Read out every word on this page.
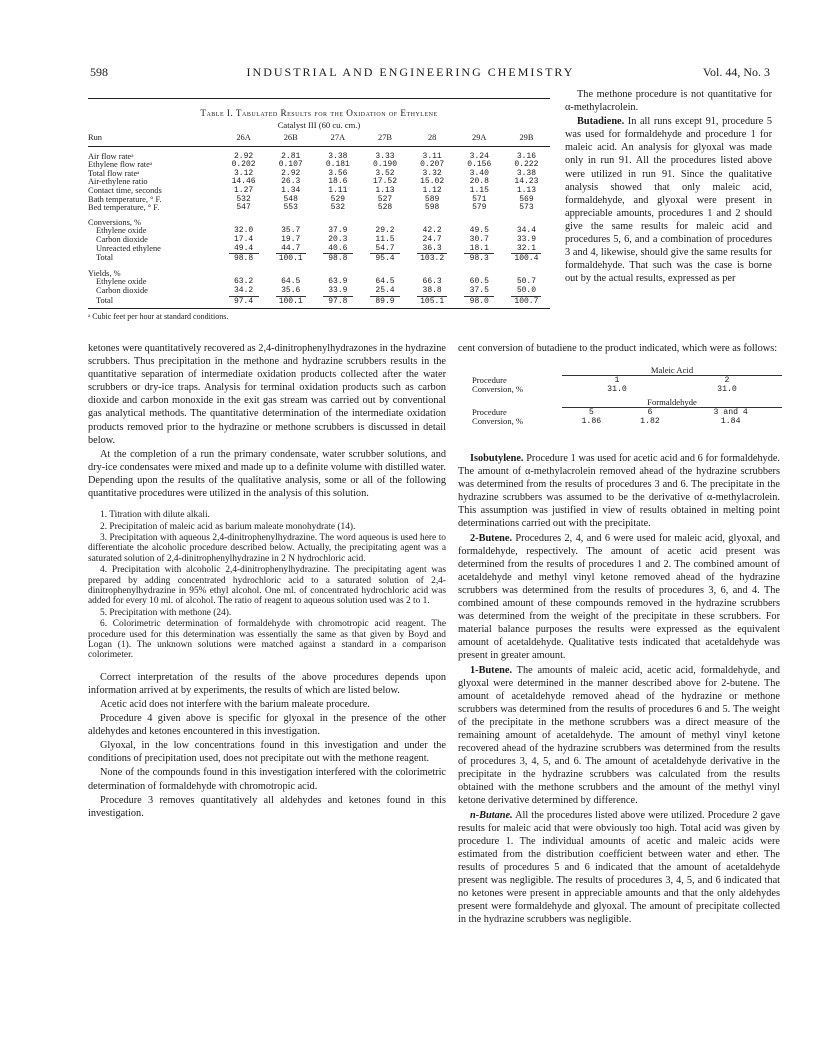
598	INDUSTRIAL AND ENGINEERING CHEMISTRY	Vol. 44, No. 3
Table I. Tabulated Results for the Oxidation of Ethylene
Catalyst III (60 cu. cm.)
Run	26A	26B	27A	27B	28	29A	29B

Air flow rateᵃ	2.92	2.81	3.38	3.33	3.11	3.24	3.16
Ethylene flow rateᵃ	0.202	0.107	0.181	0.190	0.207	0.156	0.222
Total flow rateᵃ	3.12	2.92	3.56	3.52	3.32	3.40	3.38
Air-ethylene ratio	14.46	26.3	18.6	17.52	15.02	20.8	14.23
Contact time, seconds	1.27	1.34	1.11	1.13	1.12	1.15	1.13
Bath temperature, ° F.	532	548	529	527	589	571	569
Bed temperature, ° F.	547	553	532	528	598	579	573

Conversions, %							
Ethylene oxide	32.0	35.7	37.9	29.2	42.2	49.5	34.4
Carbon dioxide	17.4	19.7	20.3	11.5	24.7	30.7	33.9
Unreacted ethylene	49.4	44.7	40.6	54.7	36.3	18.1	32.1
Total	98.8	100.1	98.8	95.4	103.2	98.3	100.4

Yields, %							
Ethylene oxide	63.2	64.5	63.9	64.5	66.3	60.5	50.7
Carbon dioxide	34.2	35.6	33.9	25.4	38.8	37.5	50.0
Total	97.4	100.1	97.8	89.9	105.1	98.0	100.7
ᵃ Cubic feet per hour at standard conditions.

The methone procedure is not quantitative for α-methylacrolein.

Butadiene. In all runs except 91, procedure 5 was used for formaldehyde and procedure 1 for maleic acid. An analysis for glyoxal was made only in run 91. All the procedures listed above were utilized in run 91. Since the qualitative analysis showed that only maleic acid, formaldehyde, and glyoxal were present in appreciable amounts, procedures 1 and 2 should give the same results for maleic acid and procedures 5, 6, and a combination of procedures 3 and 4, likewise, should give the same results for formaldehyde. That such was the case is borne out by the actual results, expressed as per

ketones were quantitatively recovered as 2,4-dinitrophenylhydrazones in the hydrazine scrubbers. Thus precipitation in the methone and hydrazine scrubbers results in the quantitative separation of intermediate oxidation products collected after the water scrubbers or dry-ice traps. Analysis for terminal oxidation products such as carbon dioxide and carbon monoxide in the exit gas stream was carried out by conventional gas analytical methods. The quantitative determination of the intermediate oxidation products removed prior to the hydrazine or methone scrubbers is discussed in detail below.

At the completion of a run the primary condensate, water scrubber solutions, and dry-ice condensates were mixed and made up to a definite volume with distilled water. Depending upon the results of the qualitative analysis, some or all of the following quantitative procedures were utilized in the analysis of this solution.

1. Titration with dilute alkali.

2. Precipitation of maleic acid as barium maleate monohydrate (14).

3. Precipitation with aqueous 2,4-dinitrophenylhydrazine. The word aqueous is used here to differentiate the alcoholic procedure described below. Actually, the precipitating agent was a saturated solution of 2,4-dinitrophenylhydrazine in 2 N hydrochloric acid.

4. Precipitation with alcoholic 2,4-dinitrophenylhydrazine. The precipitating agent was prepared by adding concentrated hydrochloric acid to a saturated solution of 2,4-dinitrophenylhydrazine in 95% ethyl alcohol. One ml. of concentrated hydrochloric acid was added for every 10 ml. of alcohol. The ratio of reagent to aqueous solution used was 2 to 1.

5. Precipitation with methone (24).

6. Colorimetric determination of formaldehyde with chromotropic acid reagent. The procedure used for this determination was essentially the same as that given by Boyd and Logan (1). The unknown solutions were matched against a standard in a comparison colorimeter.

Correct interpretation of the results of the above procedures depends upon information arrived at by experiments, the results of which are listed below.

Acetic acid does not interfere with the barium maleate procedure.

Procedure 4 given above is specific for glyoxal in the presence of the other aldehydes and ketones encountered in this investigation.

Glyoxal, in the low concentrations found in this investigation and under the conditions of precipitation used, does not precipitate out with the methone reagent.

None of the compounds found in this investigation interfered with the colorimetric determination of formaldehyde with chromotropic acid.

Procedure 3 removes quantitatively all aldehydes and ketones found in this investigation.

cent conversion of butadiene to the product indicated, which were as follows:

	Maleic Acid	
Procedure	1	2
Conversion, %	31.0	31.0
	Formaldehyde		
Procedure	5	6	3 and 4
Conversion, %	1.86	1.82	1.84

Isobutylene. Procedure 1 was used for acetic acid and 6 for formaldehyde. The amount of α-methylacrolein removed ahead of the hydrazine scrubbers was determined from the results of procedures 3 and 6. The precipitate in the hydrazine scrubbers was assumed to be the derivative of α-methylacrolein. This assumption was justified in view of results obtained in melting point determinations carried out with the precipitate.

2-Butene. Procedures 2, 4, and 6 were used for maleic acid, glyoxal, and formaldehyde, respectively. The amount of acetic acid present was determined from the results of procedures 1 and 2. The combined amount of acetaldehyde and methyl vinyl ketone removed ahead of the hydrazine scrubbers was determined from the results of procedures 3, 6, and 4. The combined amount of these compounds removed in the hydrazine scrubbers was determined from the weight of the precipitate in these scrubbers. For material balance purposes the results were expressed as the equivalent amount of acetaldehyde. Qualitative tests indicated that acetaldehyde was present in greater amount.

1-Butene. The amounts of maleic acid, acetic acid, formaldehyde, and glyoxal were determined in the manner described above for 2-butene. The amount of acetaldehyde removed ahead of the hydrazine or methone scrubbers was determined from the results of procedures 6 and 5. The weight of the precipitate in the methone scrubbers was a direct measure of the remaining amount of acetaldehyde. The amount of methyl vinyl ketone recovered ahead of the hydrazine scrubbers was determined from the results of procedures 3, 4, 5, and 6. The amount of acetaldehyde derivative in the precipitate in the hydrazine scrubbers was calculated from the results obtained with the methone scrubbers and the amount of the methyl vinyl ketone derivative determined by difference.

n-Butane. All the procedures listed above were utilized. Procedure 2 gave results for maleic acid that were obviously too high. Total acid was given by procedure 1. The individual amounts of acetic and maleic acids were estimated from the distribution coefficient between water and ether. The results of procedures 5 and 6 indicated that the amount of acetaldehyde present was negligible. The results of procedures 3, 4, 5, and 6 indicated that no ketones were present in appreciable amounts and that the only aldehydes present were formaldehyde and glyoxal. The amount of precipitate collected in the hydrazine scrubbers was negligible.
